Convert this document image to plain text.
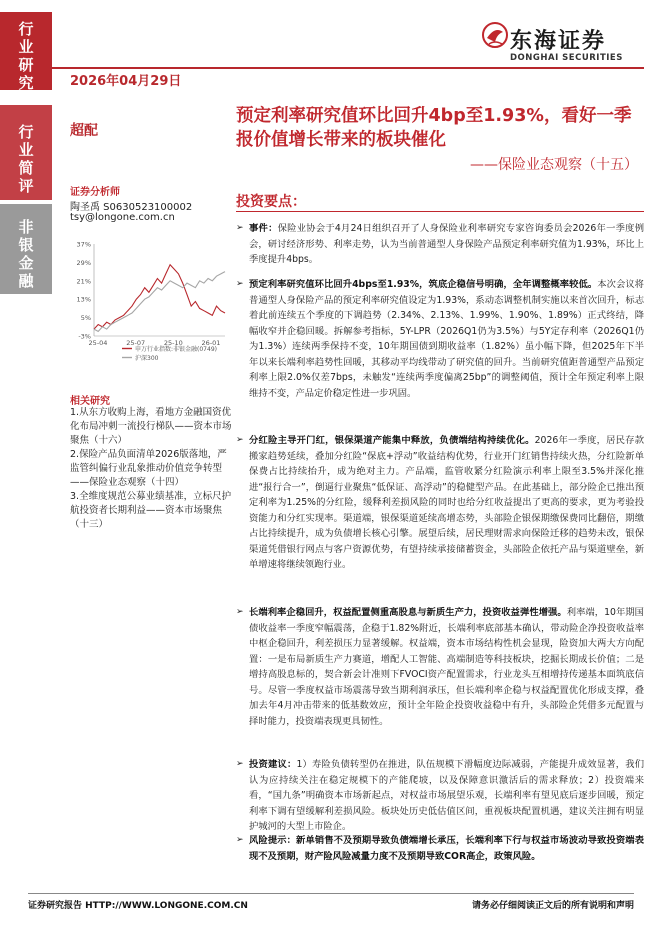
行业研究
行业简评
非银金融
2026年04月29日
东海证券
DONGHAI SECURITIES
超配
预定利率研究值环比回升4bp至1.93%，看好一季报价值增长带来的板块催化
——保险业态观察（十五）
证券分析师
陶圣禹 S0630523100002
tsy@longone.com.cn
37%
29%
21%
13%
5%
-3%
25-04	25-07	25-10	26-01
申万行业指数:非银金融(0749)
沪深300
相关研究
1.从东方收购上海，看地方金融国资优化布局冲刺一流投行梯队——资本市场聚焦（十六）
2.保险产品负面清单2026版落地，严监管纠偏行业乱象推动价值竞争转型——保险业态观察（十四）
3.全维度规范公募业绩基准，立标尺护航投资者长期利益——资本市场聚焦（十三）
投资要点：
➢ 事件：保险业协会于4月24日组织召开了人身保险业利率研究专家咨询委员会2026年一季度例会，研讨经济形势、利率走势，认为当前普通型人身保险产品预定利率研究值为1.93%，环比上季度提升4bps。
➢ 预定利率研究值环比回升4bps至1.93%，筑底企稳信号明确，全年调整概率较低。本次会议将普通型人身保险产品的预定利率研究值设定为1.93%，系动态调整机制实施以来首次回升，标志着此前连续五个季度的下调趋势（2.34%、2.13%、1.99%、1.90%、1.89%）正式终结，降幅收窄并企稳回暖。拆解参考指标，5Y-LPR（2026Q1仍为3.5%）与5Y定存利率（2026Q1仍为1.3%）连续两季保持不变，10年期国债到期收益率（1.82%）虽小幅下降，但2025年下半年以来长端利率趋势性回暖，其移动平均线带动了研究值的回升。当前研究值距普通型产品预定利率上限2.0%仅差7bps，未触发“连续两季度偏离25bp”的调整阈值，预计全年预定利率上限维持不变，产品定价稳定性进一步巩固。
➢ 分红险主导开门红，银保渠道产能集中释放，负债端结构持续优化。2026年一季度，居民存款搬家趋势延续，叠加分红险“保底+浮动”收益结构优势，行业开门红销售持续火热，分红险新单保费占比持续抬升，成为绝对主力。产品端，监管收紧分红险演示利率上限至3.5%并深化推进“报行合一”，倒逼行业聚焦“低保证、高浮动”的稳健型产品。在此基础上，部分险企已推出预定利率为1.25%的分红险，缓释利差损风险的同时也给分红收益提出了更高的要求，更为考验投资能力和分红实现率。渠道端，银保渠道延续高增态势，头部险企银保期缴保费同比翻倍，期缴占比持续提升，成为负债增长核心引擎。展望后续，居民理财需求向保险迁移的趋势未改，银保渠道凭借银行网点与客户资源优势，有望持续承接储蓄资金，头部险企依托产品与渠道壁垒，新单增速将继续领跑行业。
➢ 长端利率企稳回升，权益配置侧重高股息与新质生产力，投资收益弹性增强。利率端，10年期国债收益率一季度窄幅震荡，企稳于1.82%附近，长端利率底部基本确认，带动险企净投资收益率中枢企稳回升，利差损压力显著缓解。权益端，资本市场结构性机会显现，险资加大两大方向配置：一是布局新质生产力赛道，增配人工智能、高端制造等科技板块，挖掘长期成长价值；二是增持高股息标的，契合新会计准则下FVOCI资产配置需求，行业龙头互相增持传递基本面筑底信号。尽管一季度权益市场震荡导致当期利润承压，但长端利率企稳与权益配置优化形成支撑，叠加去年4月冲击带来的低基数效应，预计全年险企投资收益稳中有升，头部险企凭借多元配置与择时能力，投资端表现更具韧性。
➢ 投资建议：1）寿险负债转型仍在推进，队伍规模下滑幅度边际减弱，产能提升成效显著，我们认为应持续关注在稳定规模下的产能爬坡，以及保障意识激活后的需求释放；2）投资端来看，“国九条”明确资本市场新起点，对权益市场展望乐观，长端利率有望见底后逐步回暖，预定利率下调有望缓解利差损风险。板块处历史低估值区间，重视板块配置机遇，建议关注拥有明显护城河的大型上市险企。
➢ 风险提示：新单销售不及预期导致负债端增长承压，长端利率下行与权益市场波动导致投资端表现不及预期，财产险风险减量力度不及预期导致COR高企，政策风险。
证券研究报告 HTTP://WWW.LONGONE.COM.CN	请务必仔细阅读正文后的所有说明和声明
